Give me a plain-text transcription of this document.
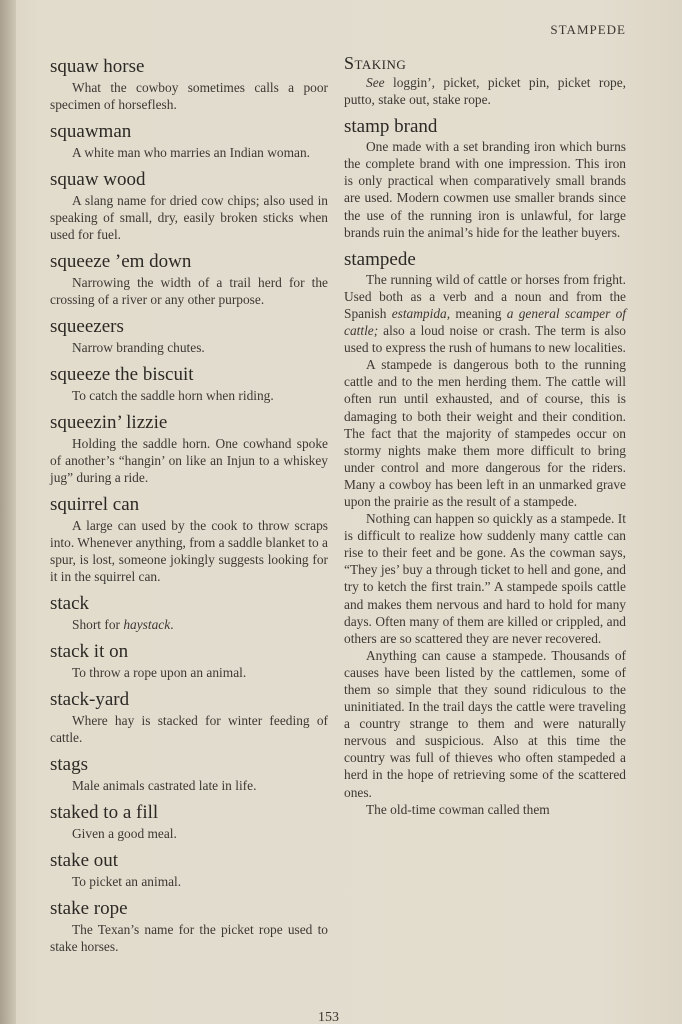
STAMPEDE
squaw horse
What the cowboy sometimes calls a poor specimen of horseflesh.
squawman
A white man who marries an Indian woman.
squaw wood
A slang name for dried cow chips; also used in speaking of small, dry, easily broken sticks when used for fuel.
squeeze ’em down
Narrowing the width of a trail herd for the crossing of a river or any other purpose.
squeezers
Narrow branding chutes.
squeeze the biscuit
To catch the saddle horn when riding.
squeezin’ lizzie
Holding the saddle horn. One cowhand spoke of another’s “hangin’ on like an Injun to a whiskey jug” during a ride.
squirrel can
A large can used by the cook to throw scraps into. Whenever anything, from a saddle blanket to a spur, is lost, someone jokingly suggests looking for it in the squirrel can.
stack
Short for haystack.
stack it on
To throw a rope upon an animal.
stack-yard
Where hay is stacked for winter feeding of cattle.
stags
Male animals castrated late in life.
staked to a fill
Given a good meal.
stake out
To picket an animal.
stake rope
The Texan’s name for the picket rope used to stake horses.
Staking
See loggin’, picket, picket pin, picket rope, putto, stake out, stake rope.
stamp brand
One made with a set branding iron which burns the complete brand with one impression. This iron is only practical when comparatively small brands are used. Modern cowmen use smaller brands since the use of the running iron is unlawful, for large brands ruin the animal’s hide for the leather buyers.
stampede
The running wild of cattle or horses from fright. Used both as a verb and a noun and from the Spanish estampida, meaning a general scamper of cattle; also a loud noise or crash. The term is also used to express the rush of humans to new localities.
A stampede is dangerous both to the running cattle and to the men herding them. The cattle will often run until exhausted, and of course, this is damaging to both their weight and their condition. The fact that the majority of stampedes occur on stormy nights make them more difficult to bring under control and more dangerous for the riders. Many a cowboy has been left in an unmarked grave upon the prairie as the result of a stampede.
Nothing can happen so quickly as a stampede. It is difficult to realize how suddenly many cattle can rise to their feet and be gone. As the cowman says, “They jes’ buy a through ticket to hell and gone, and try to ketch the first train.” A stampede spoils cattle and makes them nervous and hard to hold for many days. Often many of them are killed or crippled, and others are so scattered they are never recovered.
Anything can cause a stampede. Thousands of causes have been listed by the cattlemen, some of them so simple that they sound ridiculous to the uninitiated. In the trail days the cattle were traveling a country strange to them and were naturally nervous and suspicious. Also at this time the country was full of thieves who often stampeded a herd in the hope of retrieving some of the scattered ones.
The old-time cowman called them
153
